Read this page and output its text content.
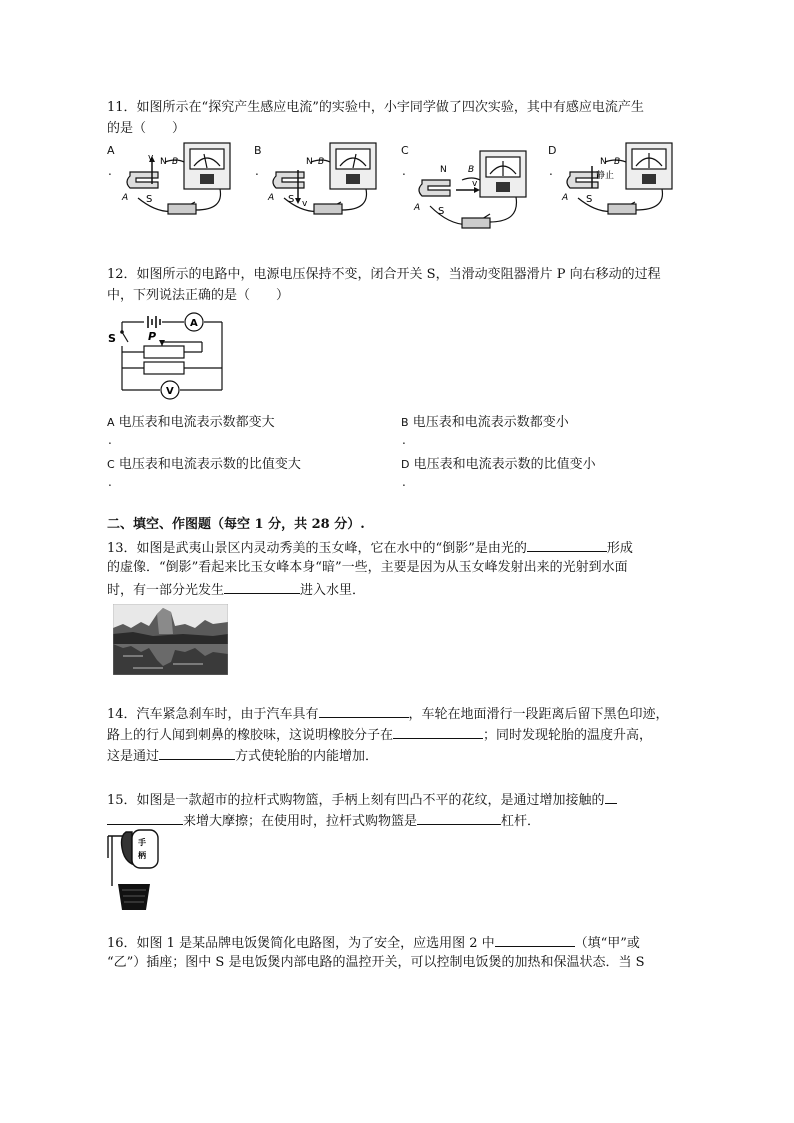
11．如图所示在“探究产生感应电流”的实验中，小宇同学做了四次实验，其中有感应电流产生
的是（　　）
A
.
v N B
A S
B
.
N B
A S v
C
.	N B
A S
v
D
.
N B
静止
A S
12．如图所示的电路中，电源电压保持不变，闭合开关 S，当滑动变阻器滑片 P 向右移动的过程
中，下列说法正确的是（　　）
S	P
A
V
A 电压表和电流表示数都变大
.
B 电压表和电流表示数都变小
.
C 电压表和电流表示数的比值变大
.
D 电压表和电流表示数的比值变小
.
二、填空、作图题（每空 1 分，共 28 分）.
13．如图是武夷山景区内灵动秀美的玉女峰，它在水中的“倒影”是由光的	形成
的虚像．“倒影”看起来比玉女峰本身“暗”一些，主要是因为从玉女峰发射出来的光射到水面
时，有一部分光发生	进入水里．
14．汽车紧急刹车时，由于汽车具有	，车轮在地面滑行一段距离后留下黑色印迹，
路上的行人闻到刺鼻的橡胶味，这说明橡胶分子在	；同时发现轮胎的温度升高，
这是通过	方式使轮胎的内能增加．
15．如图是一款超市的拉杆式购物篮，手柄上刻有凹凸不平的花纹，是通过增加接触的
来增大摩擦；在使用时，拉杆式购物篮是	杠杆．
手
柄
16．如图 1 是某品牌电饭煲简化电路图，为了安全，应选用图 2 中	（填“甲”或
“乙”）插座；图中 S 是电饭煲内部电路的温控开关，可以控制电饭煲的加热和保温状态．当 S
